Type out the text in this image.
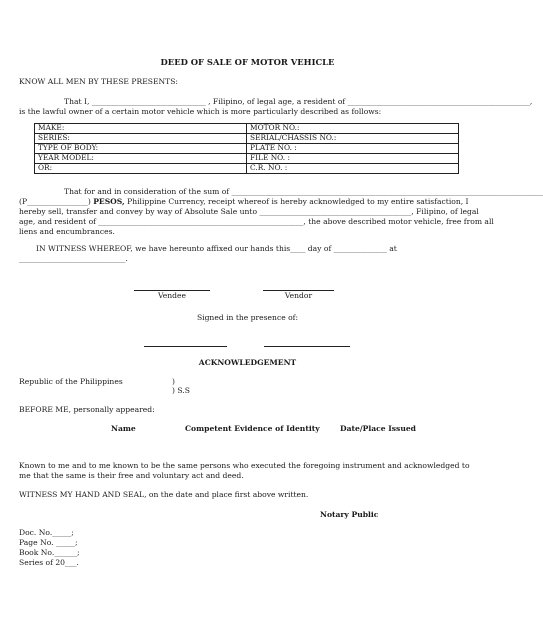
DEED OF SALE OF MOTOR VEHICLE
KNOW ALL MEN BY THESE PRESENTS:
That I, ______________________________ , Filipino, of legal age, a resident of ________________________________________________,
is the lawful owner of a certain motor vehicle which is more particularly described as follows:
MAKE:	MOTOR NO.:
SERIES:	SERIAL/CHASSIS NO.:
TYPE OF BODY:	PLATE NO. :
YEAR MODEL:	FILE NO. :
OR:	C.R. NO. :
That for and in consideration of the sum of __________________________________________________________________________________
(P________________) PESOS, Philippine Currency, receipt whereof is hereby acknowledged to my entire satisfaction, I
hereby sell, transfer and convey by way of Absolute Sale unto ________________________________________, Filipino, of legal
age, and resident of ______________________________________________________, the above described motor vehicle, free from all
liens and encumbrances.
IN WITNESS WHEREOF, we have hereunto affixed our hands this____ day of ______________ at
____________________________.
Vendee	Vendor
Signed in the presence of:
ACKNOWLEDGEMENT
Republic of the Philippines	)
) S.S
BEFORE ME, personally appeared:
Name	Competent Evidence of Identity	Date/Place Issued
Known to me and to me known to be the same persons who executed the foregoing instrument and acknowledged to
me that the same is their free and voluntary act and deed.
WITNESS MY HAND AND SEAL, on the date and place first above written.
Notary Public
Doc. No._____;
Page No. _____;
Book No.______;
Series of 20___.
